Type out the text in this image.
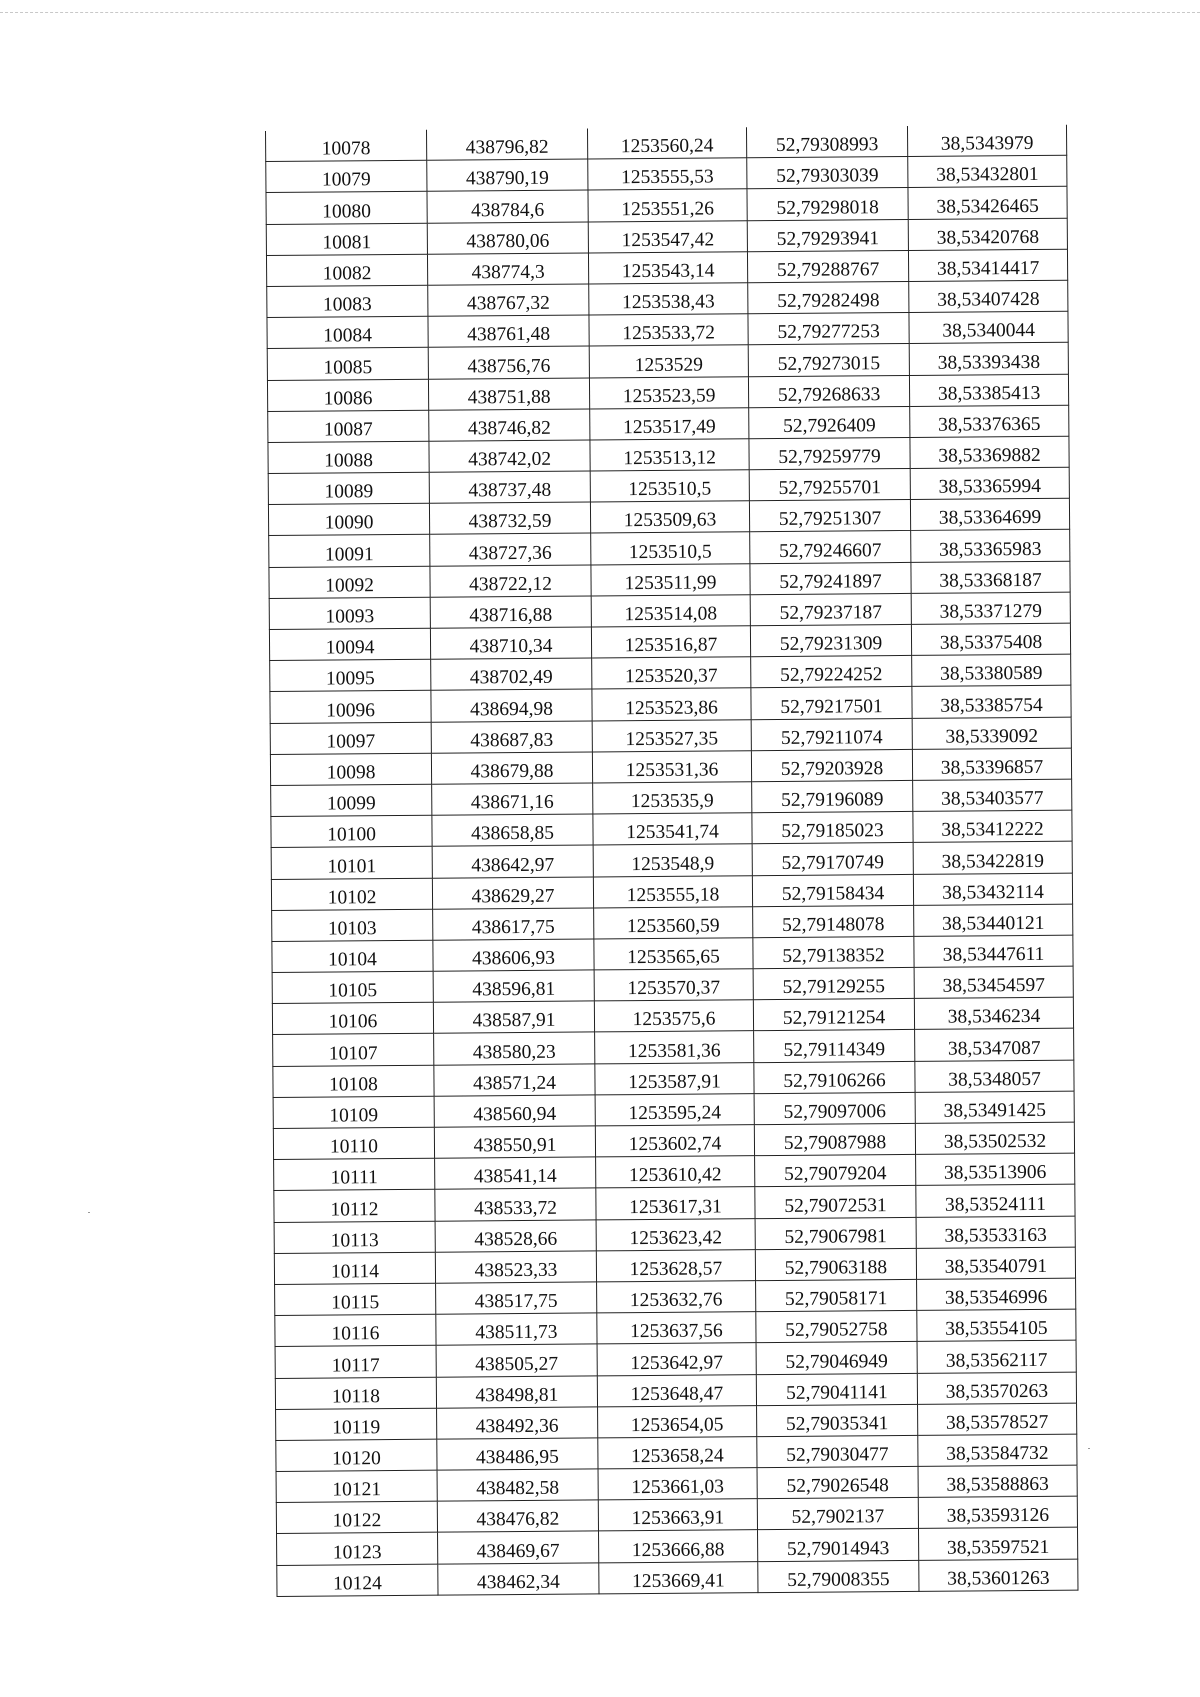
10078	438796,82	1253560,24	52,79308993	38,5343979
10079	438790,19	1253555,53	52,79303039	38,53432801
10080	438784,6	1253551,26	52,79298018	38,53426465
10081	438780,06	1253547,42	52,79293941	38,53420768
10082	438774,3	1253543,14	52,79288767	38,53414417
10083	438767,32	1253538,43	52,79282498	38,53407428
10084	438761,48	1253533,72	52,79277253	38,5340044
10085	438756,76	1253529	52,79273015	38,53393438
10086	438751,88	1253523,59	52,79268633	38,53385413
10087	438746,82	1253517,49	52,7926409	38,53376365
10088	438742,02	1253513,12	52,79259779	38,53369882
10089	438737,48	1253510,5	52,79255701	38,53365994
10090	438732,59	1253509,63	52,79251307	38,53364699
10091	438727,36	1253510,5	52,79246607	38,53365983
10092	438722,12	1253511,99	52,79241897	38,53368187
10093	438716,88	1253514,08	52,79237187	38,53371279
10094	438710,34	1253516,87	52,79231309	38,53375408
10095	438702,49	1253520,37	52,79224252	38,53380589
10096	438694,98	1253523,86	52,79217501	38,53385754
10097	438687,83	1253527,35	52,79211074	38,5339092
10098	438679,88	1253531,36	52,79203928	38,53396857
10099	438671,16	1253535,9	52,79196089	38,53403577
10100	438658,85	1253541,74	52,79185023	38,53412222
10101	438642,97	1253548,9	52,79170749	38,53422819
10102	438629,27	1253555,18	52,79158434	38,53432114
10103	438617,75	1253560,59	52,79148078	38,53440121
10104	438606,93	1253565,65	52,79138352	38,53447611
10105	438596,81	1253570,37	52,79129255	38,53454597
10106	438587,91	1253575,6	52,79121254	38,5346234
10107	438580,23	1253581,36	52,79114349	38,5347087
10108	438571,24	1253587,91	52,79106266	38,5348057
10109	438560,94	1253595,24	52,79097006	38,53491425
10110	438550,91	1253602,74	52,79087988	38,53502532
10111	438541,14	1253610,42	52,79079204	38,53513906
10112	438533,72	1253617,31	52,79072531	38,53524111
10113	438528,66	1253623,42	52,79067981	38,53533163
10114	438523,33	1253628,57	52,79063188	38,53540791
10115	438517,75	1253632,76	52,79058171	38,53546996
10116	438511,73	1253637,56	52,79052758	38,53554105
10117	438505,27	1253642,97	52,79046949	38,53562117
10118	438498,81	1253648,47	52,79041141	38,53570263
10119	438492,36	1253654,05	52,79035341	38,53578527
10120	438486,95	1253658,24	52,79030477	38,53584732
10121	438482,58	1253661,03	52,79026548	38,53588863
10122	438476,82	1253663,91	52,7902137	38,53593126
10123	438469,67	1253666,88	52,79014943	38,53597521
10124	438462,34	1253669,41	52,79008355	38,53601263
